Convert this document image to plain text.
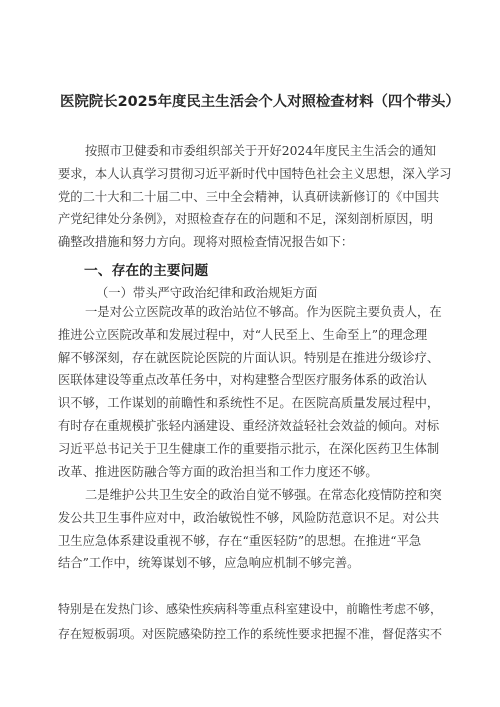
医院院长2025年度民主生活会个人对照检查材料（四个带头）
按照市卫健委和市委组织部关于开好2024年度民主生活会的通知
要求，本人认真学习贯彻习近平新时代中国特色社会主义思想，深入学习
党的二十大和二十届二中、三中全会精神，认真研读新修订的《中国共
产党纪律处分条例》，对照检查存在的问题和不足，深刻剖析原因，明
确整改措施和努力方向。现将对照检查情况报告如下：
一、存在的主要问题
（一）带头严守政治纪律和政治规矩方面
一是对公立医院改革的政治站位不够高。作为医院主要负责人，在
推进公立医院改革和发展过程中，对“人民至上、生命至上”的理念理
解不够深刻，存在就医院论医院的片面认识。特别是在推进分级诊疗、
医联体建设等重点改革任务中，对构建整合型医疗服务体系的政治认
识不够，工作谋划的前瞻性和系统性不足。在医院高质量发展过程中，
有时存在重规模扩张轻内涵建设、重经济效益轻社会效益的倾向。对标
习近平总书记关于卫生健康工作的重要指示批示，在深化医药卫生体制
改革、推进医防融合等方面的政治担当和工作力度还不够。
二是维护公共卫生安全的政治自觉不够强。在常态化疫情防控和突
发公共卫生事件应对中，政治敏锐性不够，风险防范意识不足。对公共
卫生应急体系建设重视不够，存在“重医轻防”的思想。在推进“平急
结合”工作中，统筹谋划不够，应急响应机制不够完善。
特别是在发热门诊、感染性疾病科等重点科室建设中，前瞻性考虑不够，
存在短板弱项。对医院感染防控工作的系统性要求把握不准，督促落实不
